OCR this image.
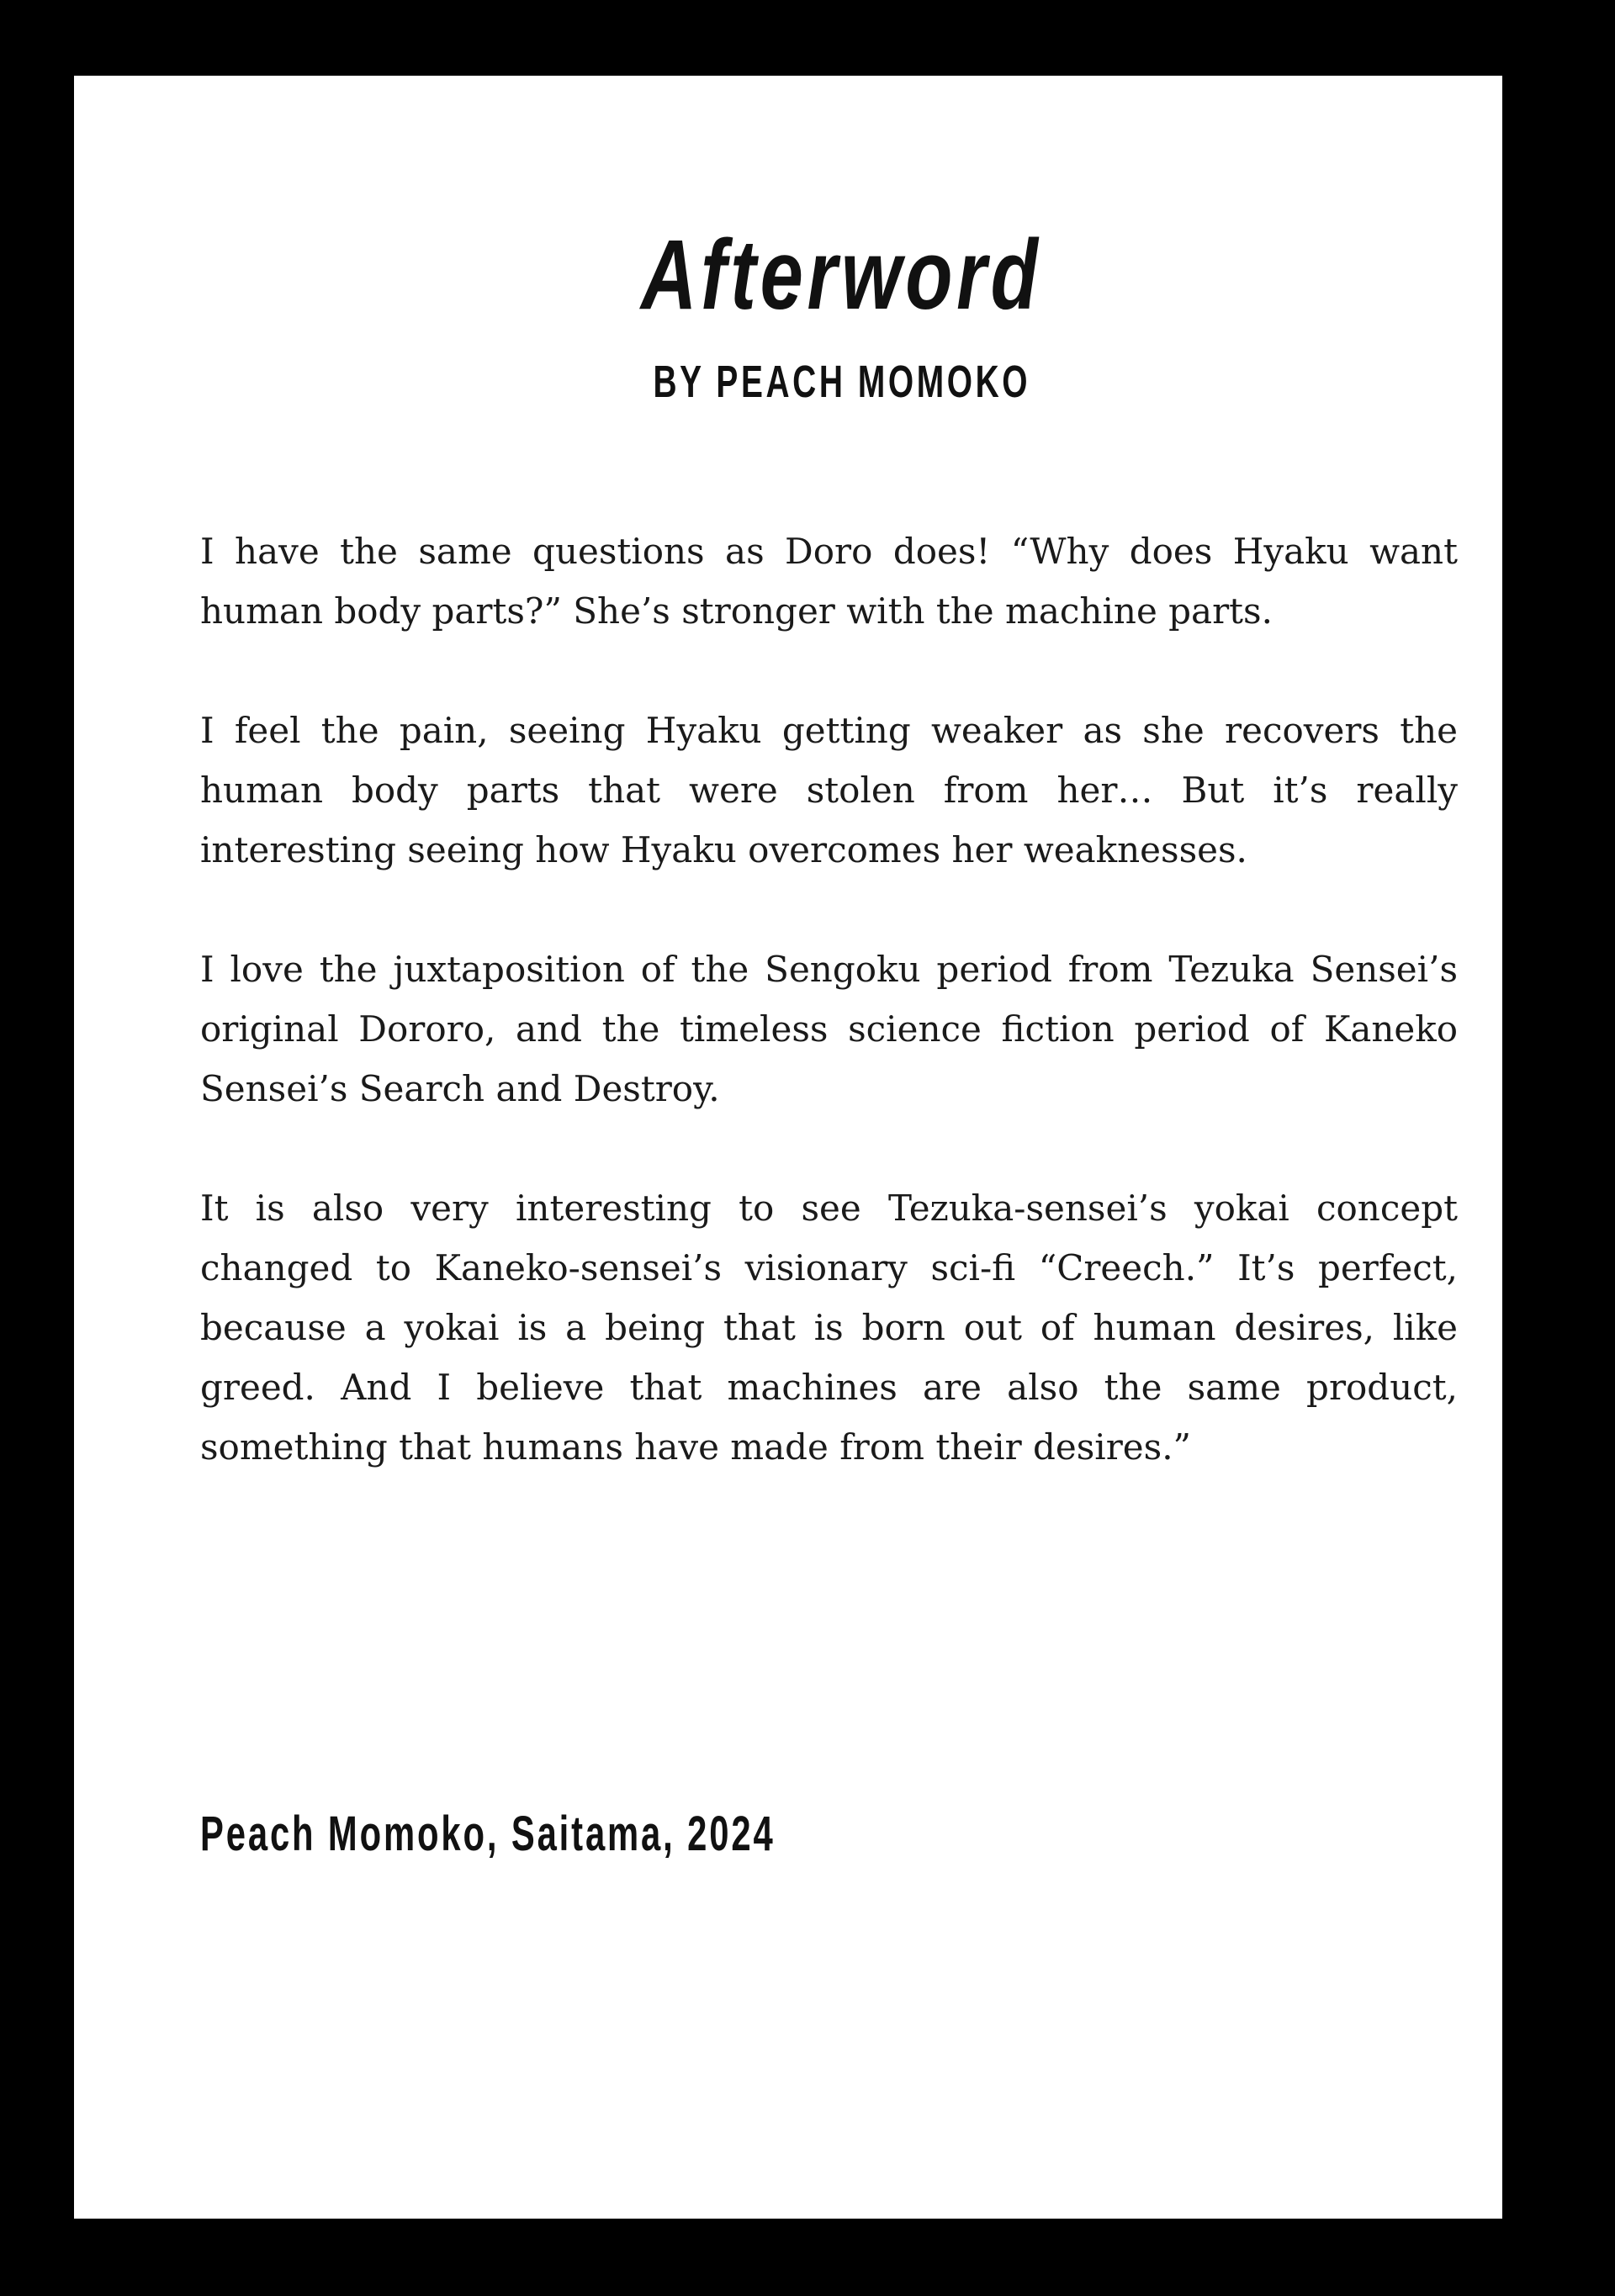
Afterword
BY PEACH MOMOKO

I have the same questions as Doro does! “Why does Hyaku want human body parts?” She’s stronger with the machine parts.

I feel the pain, seeing Hyaku getting weaker as she recovers the human body parts that were stolen from her… But it’s really interesting seeing how Hyaku overcomes her weaknesses.

I love the juxtaposition of the Sengoku period from Tezuka Sensei’s original Dororo, and the timeless science fiction period of Kaneko Sensei’s Search and Destroy.

It is also very interesting to see Tezuka-sensei’s yokai concept changed to Kaneko-sensei’s visionary sci-fi “Creech.” It’s perfect, because a yokai is a being that is born out of human desires, like greed. And I believe that machines are also the same product, something that humans have made from their desires.”

Peach Momoko, Saitama, 2024
